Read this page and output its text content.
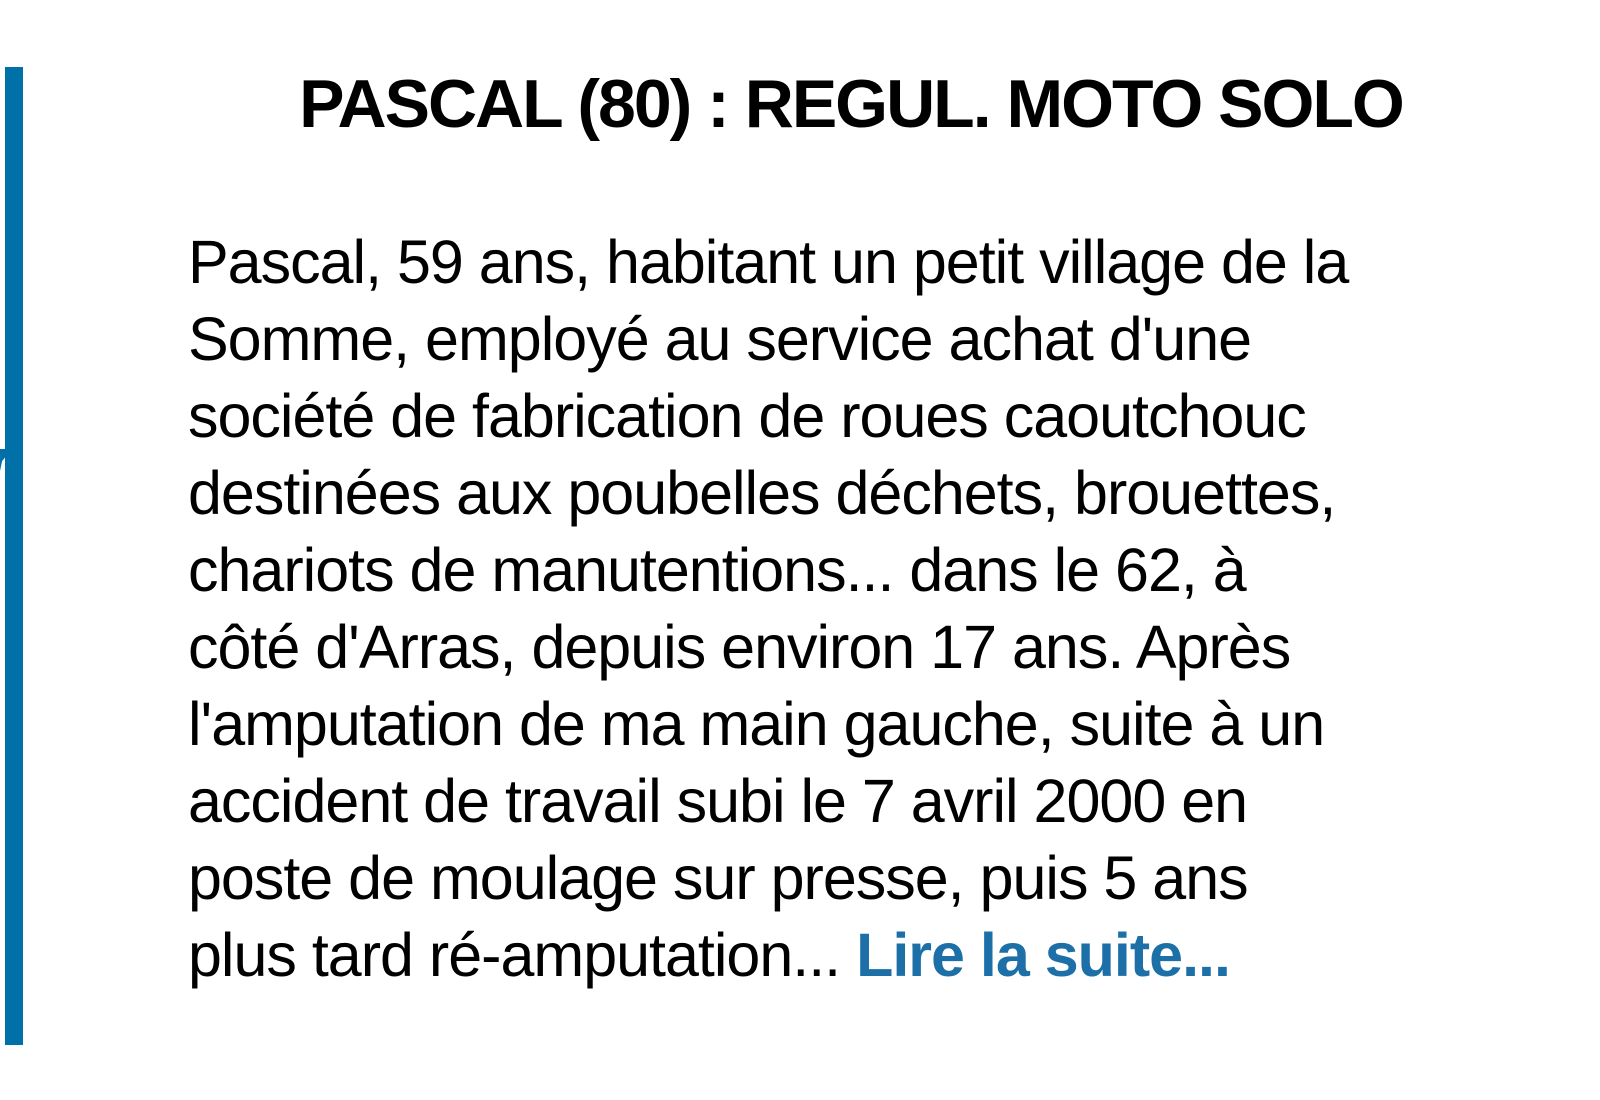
PASCAL (80) : REGUL. MOTO SOLO
Pascal, 59 ans, habitant un petit village de la
Somme, employé au service achat d'une
société de fabrication de roues caoutchouc
destinées aux poubelles déchets, brouettes,
chariots de manutentions... dans le 62, à
côté d'Arras, depuis environ 17 ans. Après
l'amputation de ma main gauche, suite à un
accident de travail subi le 7 avril 2000 en
poste de moulage sur presse, puis 5 ans
plus tard ré-amputation... Lire la suite...
